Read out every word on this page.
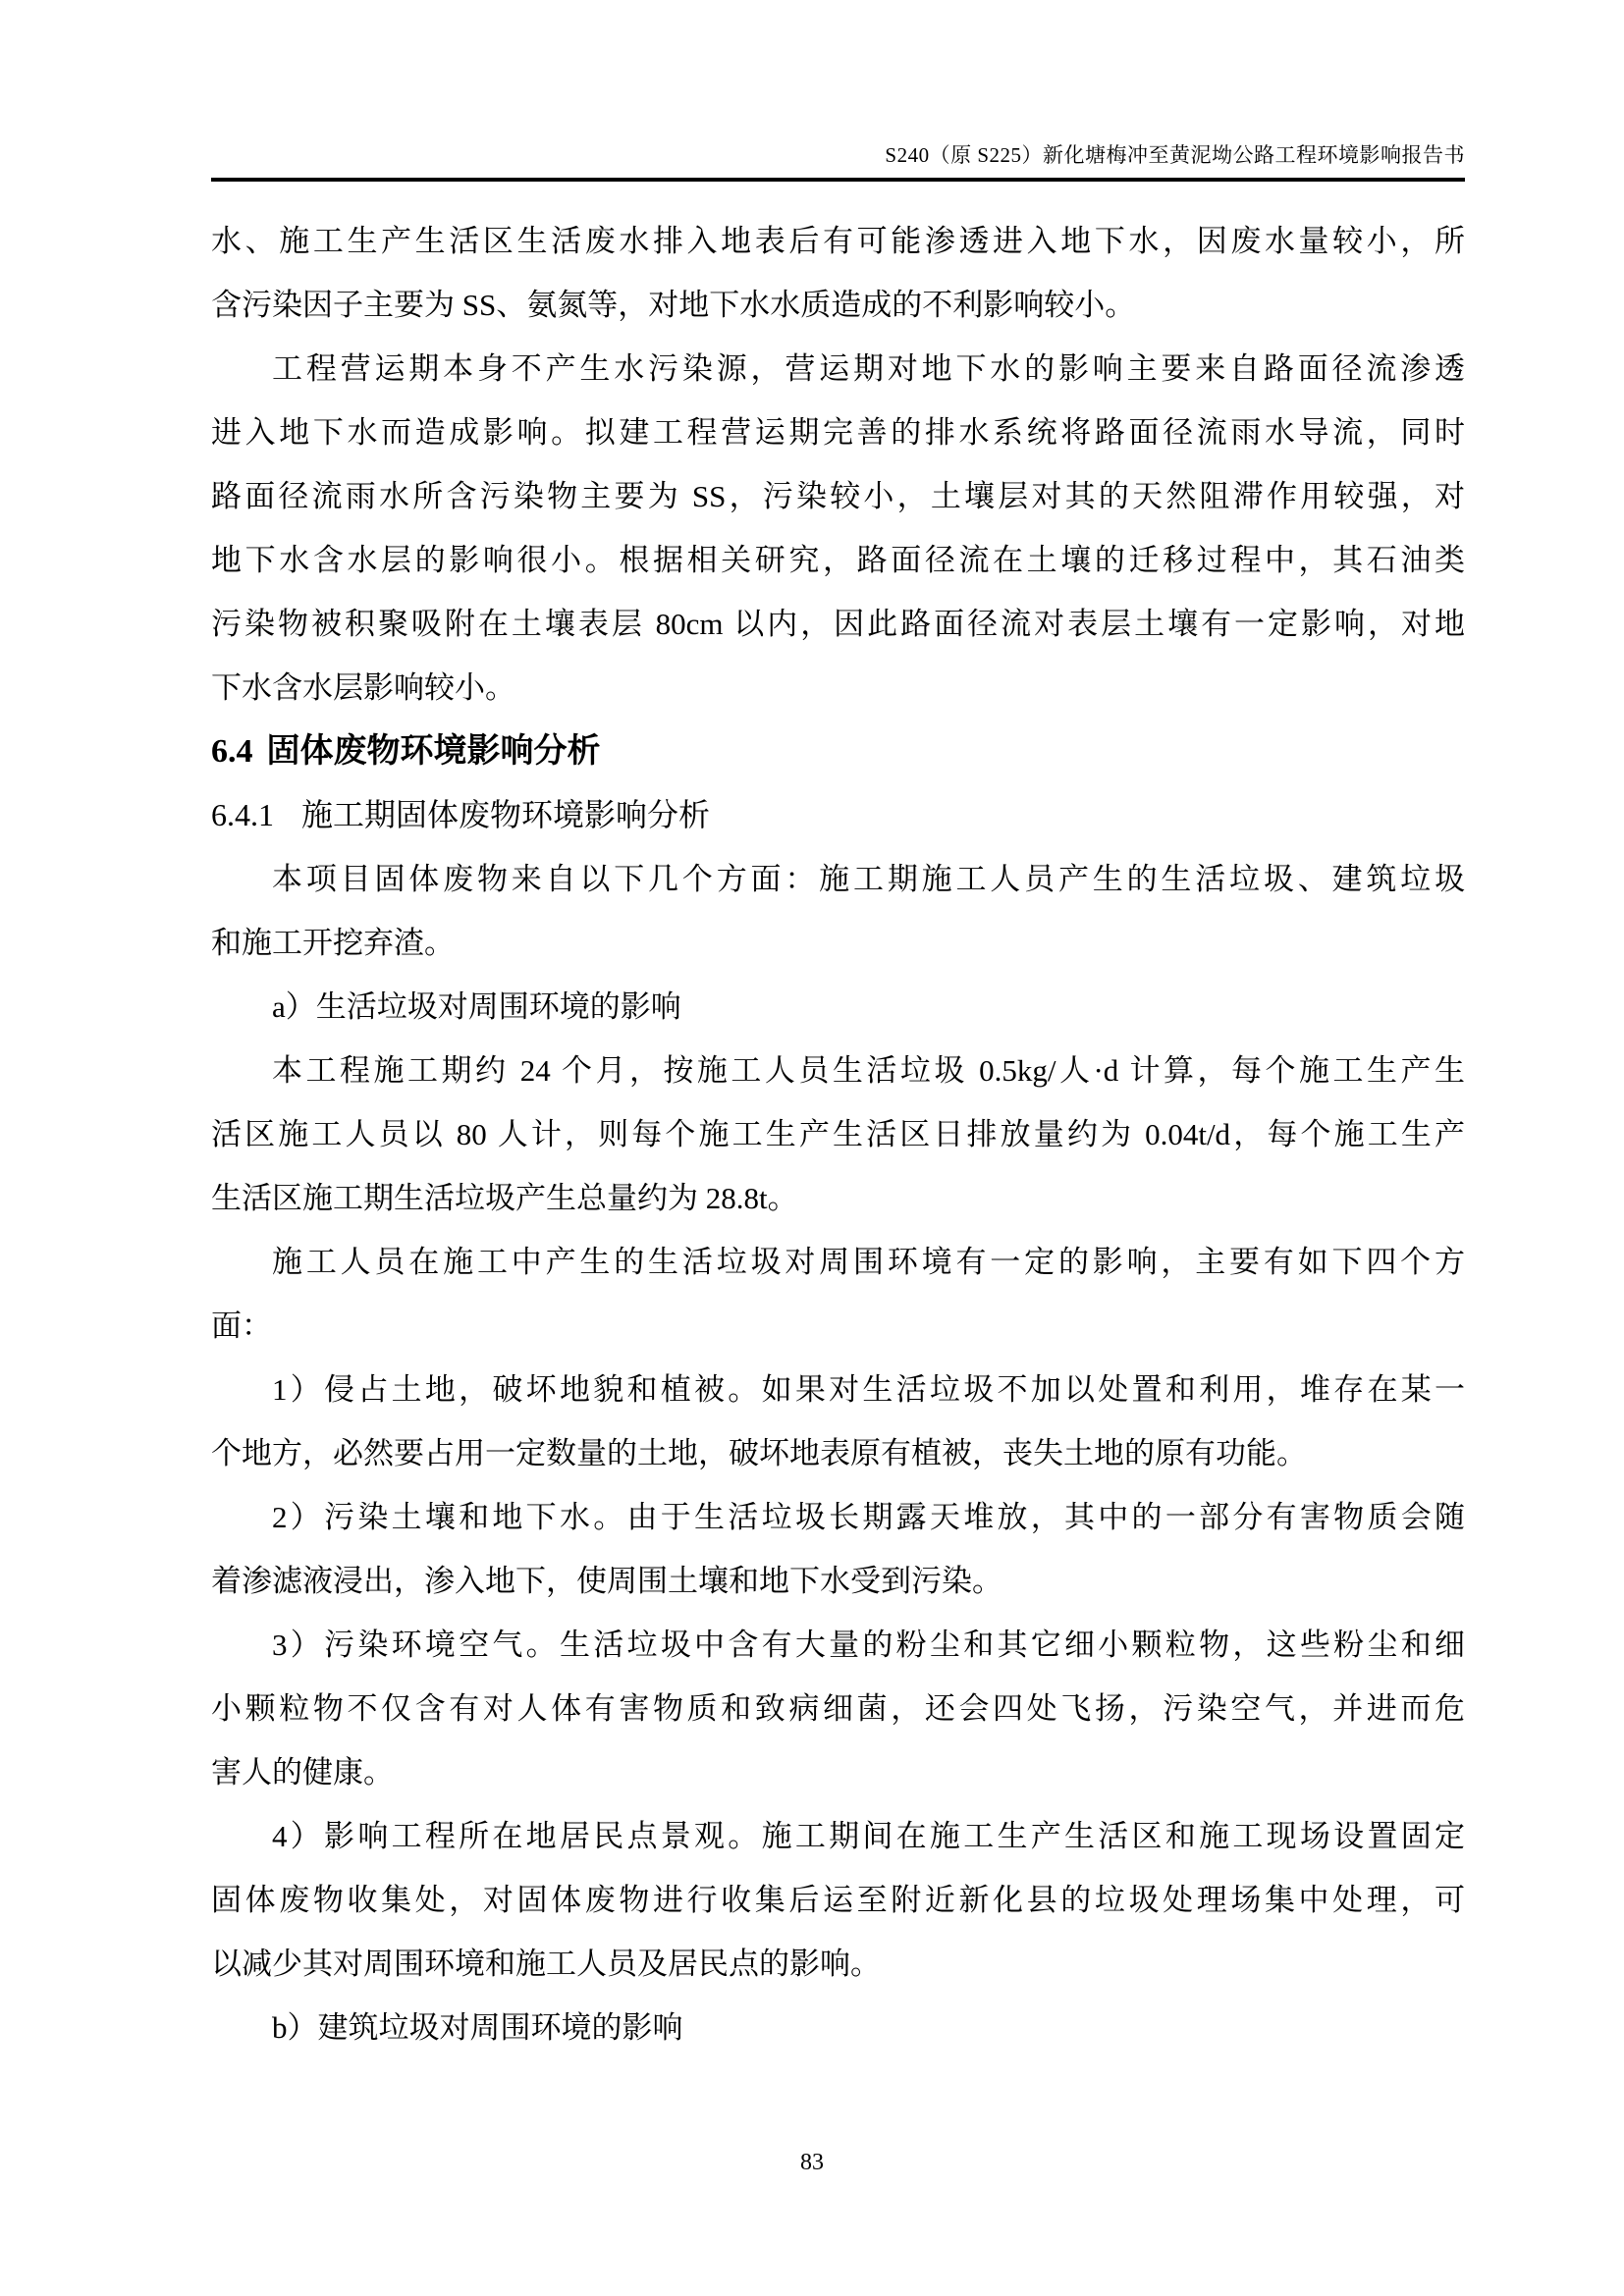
S240（原 S225）新化塘梅冲至黄泥坳公路工程环境影响报告书
水、施工生产生活区生活废水排入地表后有可能渗透进入地下水，因废水量较小，所
含污染因子主要为 SS、氨氮等，对地下水水质造成的不利影响较小。
工程营运期本身不产生水污染源，营运期对地下水的影响主要来自路面径流渗透
进入地下水而造成影响。拟建工程营运期完善的排水系统将路面径流雨水导流，同时
路面径流雨水所含污染物主要为 SS，污染较小，土壤层对其的天然阻滞作用较强，对
地下水含水层的影响很小。根据相关研究，路面径流在土壤的迁移过程中，其石油类
污染物被积聚吸附在土壤表层 80cm 以内，因此路面径流对表层土壤有一定影响，对地
下水含水层影响较小。
6.4 固体废物环境影响分析
6.4.1 施工期固体废物环境影响分析
本项目固体废物来自以下几个方面：施工期施工人员产生的生活垃圾、建筑垃圾
和施工开挖弃渣。
a）生活垃圾对周围环境的影响
本工程施工期约 24 个月，按施工人员生活垃圾 0.5kg/人·d 计算，每个施工生产生
活区施工人员以 80 人计，则每个施工生产生活区日排放量约为 0.04t/d，每个施工生产
生活区施工期生活垃圾产生总量约为 28.8t。
施工人员在施工中产生的生活垃圾对周围环境有一定的影响，主要有如下四个方
面：
1）侵占土地，破坏地貌和植被。如果对生活垃圾不加以处置和利用，堆存在某一
个地方，必然要占用一定数量的土地，破坏地表原有植被，丧失土地的原有功能。
2）污染土壤和地下水。由于生活垃圾长期露天堆放，其中的一部分有害物质会随
着渗滤液浸出，渗入地下，使周围土壤和地下水受到污染。
3）污染环境空气。生活垃圾中含有大量的粉尘和其它细小颗粒物，这些粉尘和细
小颗粒物不仅含有对人体有害物质和致病细菌，还会四处飞扬，污染空气，并进而危
害人的健康。
4）影响工程所在地居民点景观。施工期间在施工生产生活区和施工现场设置固定
固体废物收集处，对固体废物进行收集后运至附近新化县的垃圾处理场集中处理，可
以减少其对周围环境和施工人员及居民点的影响。
b）建筑垃圾对周围环境的影响
83
